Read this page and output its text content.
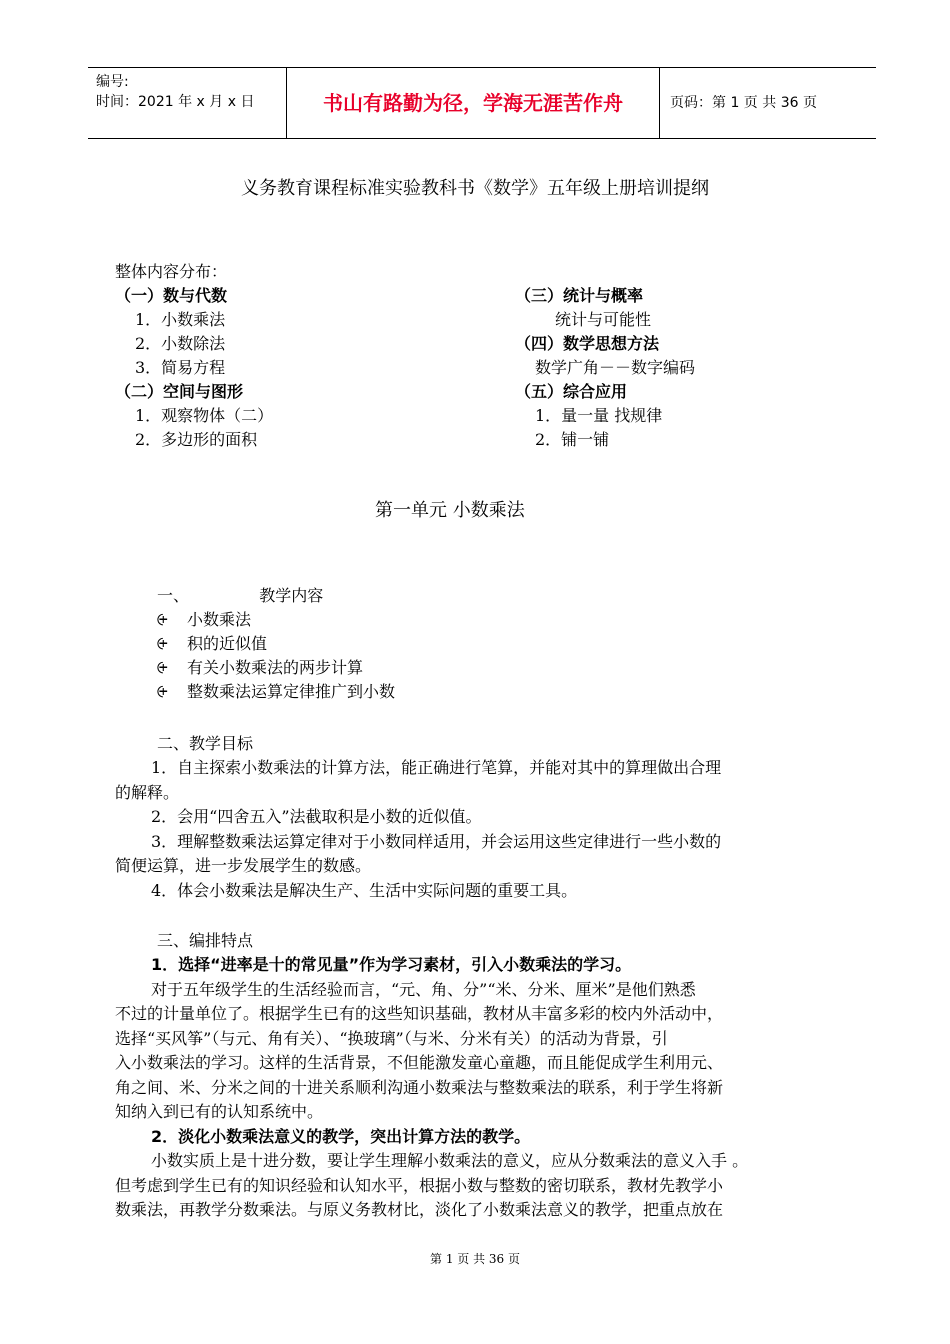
编号:
时间：2021 年 x 月 x 日	书山有路勤为径，学海无涯苦作舟	页码：第 1 页 共 36 页
义务教育课程标准实验教科书《数学》五年级上册培训提纲
整体内容分布：
（一）数与代数
1．小数乘法
2．小数除法
3．简易方程
（二）空间与图形
1．观察物体（二）
2．多边形的面积
（三）统计与概率
统计与可能性
（四）数学思想方法
数学广角－－数字编码
（五）综合应用
1．量一量 找规律
2．铺一铺
第一单元 小数乘法
一、	教学内容
⨭ 小数乘法
⨭ 积的近似值
⨭ 有关小数乘法的两步计算
⨭ 整数乘法运算定律推广到小数
二、教学目标

1．自主探索小数乘法的计算方法，能正确进行笔算，并能对其中的算理做出合理

的解释。

2．会用“四舍五入”法截取积是小数的近似值。

3．理解整数乘法运算定律对于小数同样适用，并会运用这些定律进行一些小数的

简便运算，进一步发展学生的数感。

4．体会小数乘法是解决生产、生活中实际问题的重要工具。

三、编排特点

1．选择“进率是十的常见量”作为学习素材，引入小数乘法的学习。

对于五年级学生的生活经验而言，“元、角、分”“米、分米、厘米”是他们熟悉

不过的计量单位了。根据学生已有的这些知识基础，教材从丰富多彩的校内外活动中，

选择“买风筝”（与元、角有关）、“换玻璃”（与米、分米有关）的活动为背景，引

入小数乘法的学习。这样的生活背景，不但能激发童心童趣，而且能促成学生利用元、

角之间、米、分米之间的十进关系顺利沟通小数乘法与整数乘法的联系，利于学生将新

知纳入到已有的认知系统中。

2．淡化小数乘法意义的教学，突出计算方法的教学。

小数实质上是十进分数，要让学生理解小数乘法的意义，应从分数乘法的意义入手 。

但考虑到学生已有的知识经验和认知水平，根据小数与整数的密切联系，教材先教学小

数乘法，再教学分数乘法。与原义务教材比，淡化了小数乘法意义的教学，把重点放在

第 1 页 共 36 页
